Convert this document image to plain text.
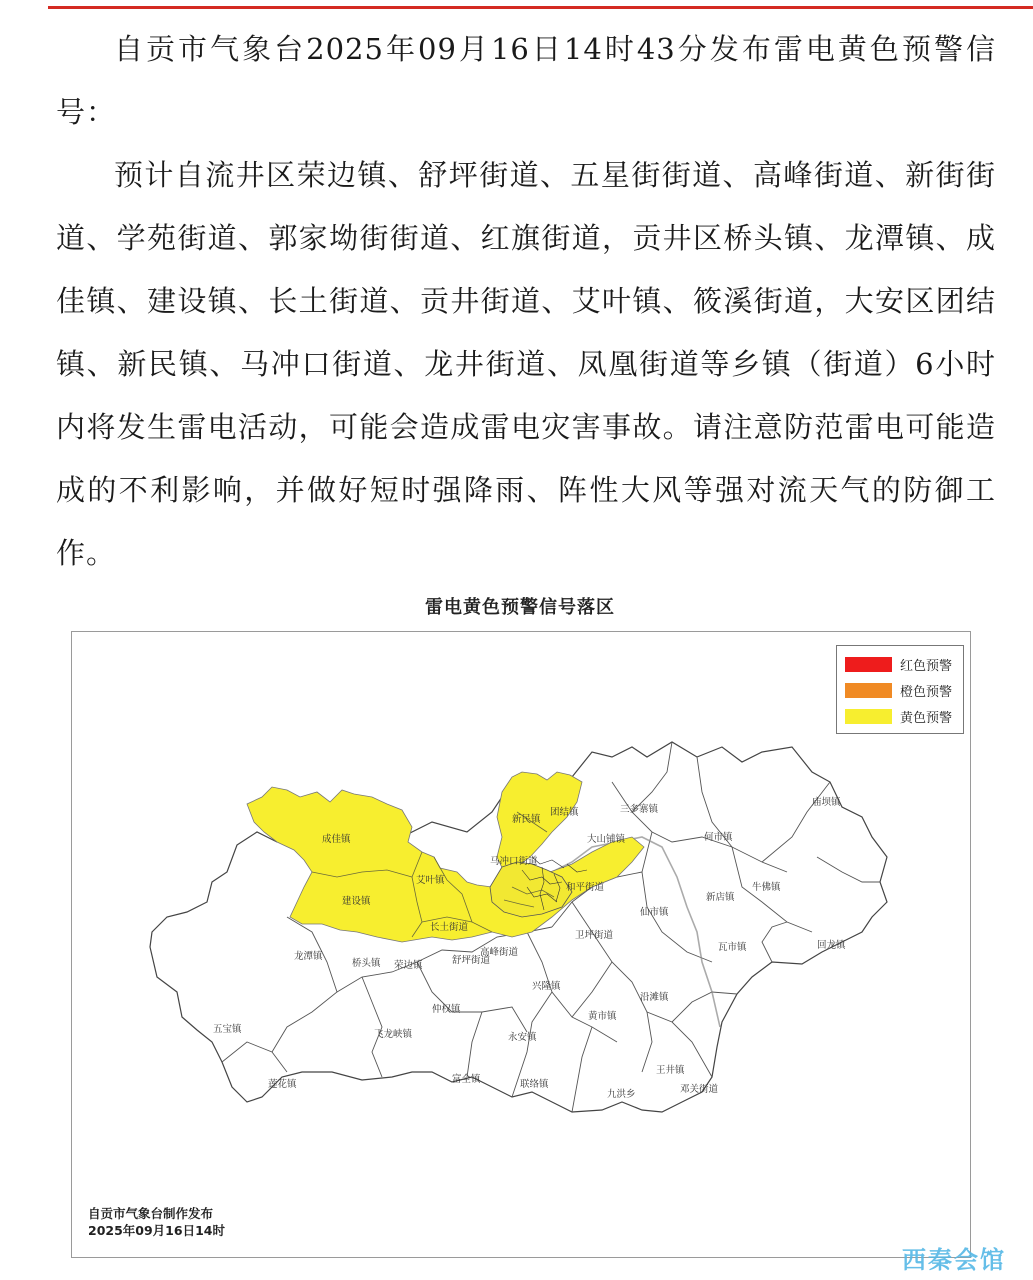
自贡市气象台2025年09月16日14时43分发布雷电黄色预警信号：

预计自流井区荣边镇、舒坪街道、五星街街道、高峰街道、新街街道、学苑街道、郭家坳街街道、红旗街道，贡井区桥头镇、龙潭镇、成佳镇、建设镇、长土街道、贡井街道、艾叶镇、筱溪街道，大安区团结镇、新民镇、马冲口街道、龙井街道、凤凰街道等乡镇（街道）6小时内将发生雷电活动，可能会造成雷电灾害事故。请注意防范雷电可能造成的不利影响，并做好短时强降雨、阵性大风等强对流天气的防御工作。

雷电黄色预警信号落区
成佳镇
建设镇
艾叶镇
长土街道
新民镇
团结镇
马冲口街道
大山铺镇
三多寨镇
何市镇
庙坝镇
牛佛镇
新店镇
瓦市镇	回龙镇
和平街道
仙市镇
卫坪街道
高峰街道
舒坪街道
荣边镇
桥头镇
龙潭镇
五宝镇
仲权镇
兴隆镇
沿滩镇
黄市镇
飞龙峡镇	永安镇
富全镇	联络镇
九洪乡
王井镇
邓关街道
莲花镇
红色预警
橙色预警
黄色预警
自贡市气象台制作发布
2025年09月16日14时
西秦会馆
